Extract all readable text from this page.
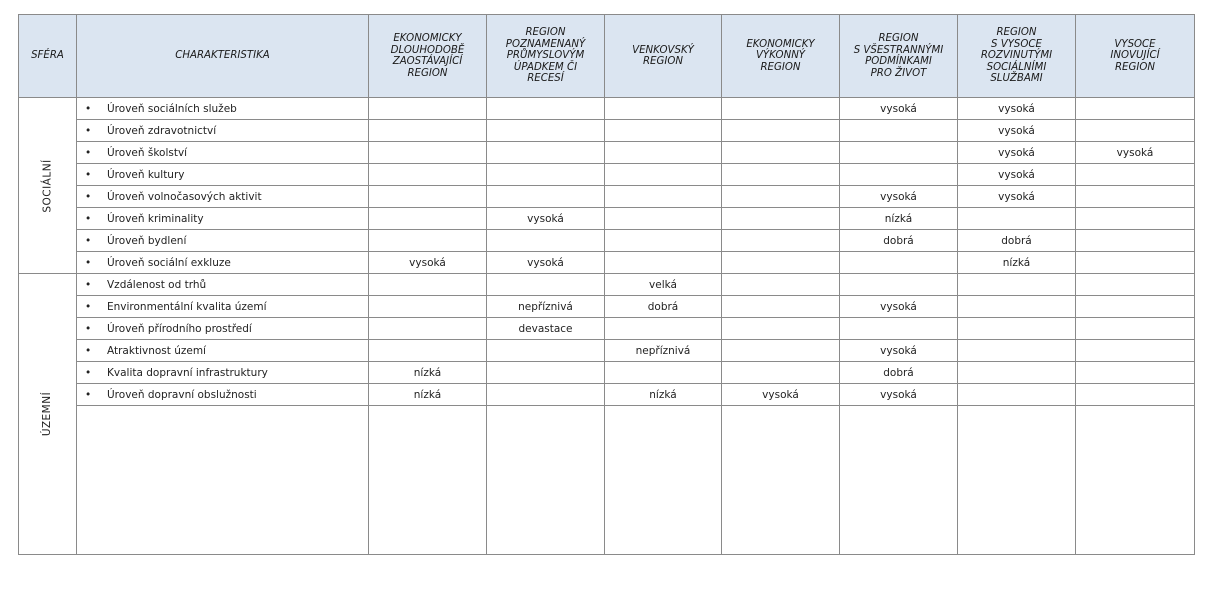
SFÉRA	CHARAKTERISTIKA	EKONOMICKY
DLOUHODOBĚ
ZAOSTÁVAJÍCÍ
REGION	REGION
POZNAMENANÝ
PRŮMYSLOVÝM
ÚPADKEM ČI
RECESÍ	VENKOVSKÝ
REGION	EKONOMICKY
VÝKONNÝ
REGION	REGION
S VŠESTRANNÝMI
PODMÍNKAMI
PRO ŽIVOT	REGION
S VYSOCE
ROZVINUTÝMI
SOCIÁLNÍMI
SLUŽBAMI	VYSOCE
INOVUJÍCÍ
REGION
SOCIÁLNÍ	• Úroveň sociálních služeb					vysoká	vysoká	
	• Úroveň zdravotnictví						vysoká	
	• Úroveň školství						vysoká	vysoká
	• Úroveň kultury						vysoká	
	• Úroveň volnočasových aktivit					vysoká	vysoká	
	• Úroveň kriminality		vysoká			nízká		
	• Úroveň bydlení					dobrá	dobrá	
	• Úroveň sociální exkluze	vysoká	vysoká				nízká	
ÚZEMNÍ	• Vzdálenost od trhů			velká				
	• Environmentální kvalita území		nepříznivá	dobrá		vysoká		
	• Úroveň přírodního prostředí		devastace					
	• Atraktivnost území			nepříznivá		vysoká		
	• Kvalita dopravní infrastruktury	nízká				dobrá		
	• Úroveň dopravní obslužnosti	nízká		nízká	vysoká	vysoká		
